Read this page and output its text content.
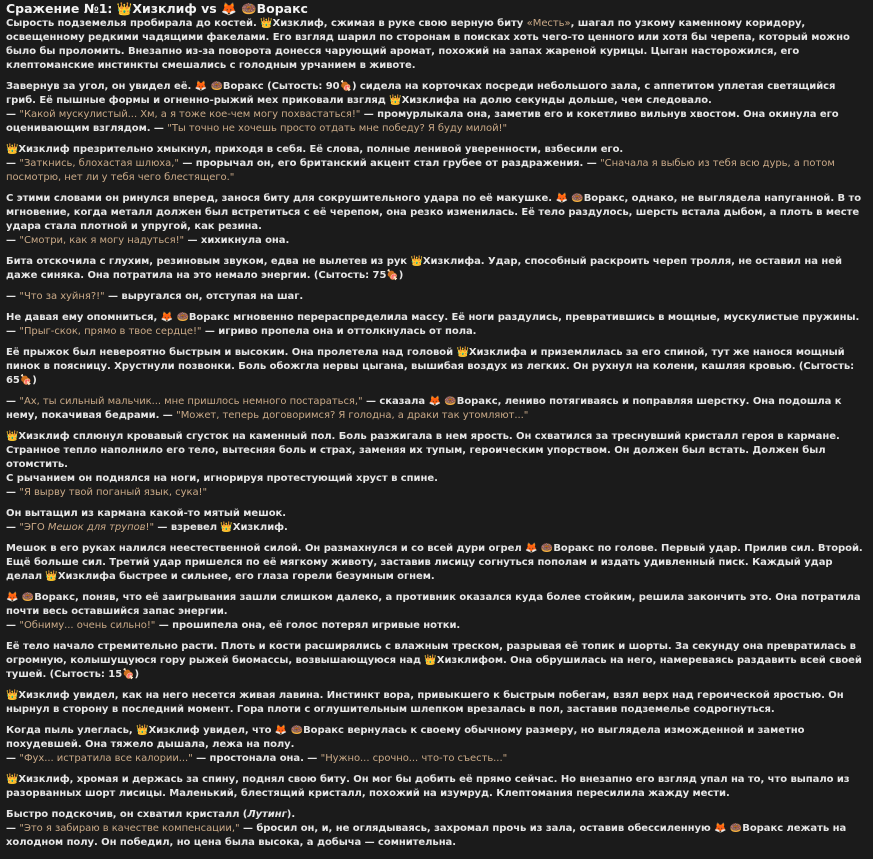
Сражение №1: 👑Хизклиф vs 🦊 🍩Воракс

Сырость подземелья пробирала до костей. 👑Хизклиф, сжимая в руке свою верную биту «Месть», шагал по узкому каменному коридору, освещенному редкими чадящими факелами. Его взгляд шарил по сторонам в поисках хоть чего-то ценного или хотя бы черепа, который можно было бы проломить. Внезапно из-за поворота донесся чарующий аромат, похожий на запах жареной курицы. Цыган насторожился, его клептоманские инстинкты смешались с голодным урчанием в животе.

Завернув за угол, он увидел её. 🦊 🍩Воракс (Сытость: 90🍖) сидела на корточках посреди небольшого зала, с аппетитом уплетая светящийся гриб. Её пышные формы и огненно-рыжий мех приковали взгляд 👑Хизклифа на долю секунды дольше, чем следовало.
— "Какой мускулистый... Хм, а я тоже кое-чем могу похвастаться!" — промурлыкала она, заметив его и кокетливо вильнув хвостом. Она окинула его оценивающим взглядом. — "Ты точно не хочешь просто отдать мне победу? Я буду милой!"

👑Хизклиф презрительно хмыкнул, приходя в себя. Её слова, полные ленивой уверенности, взбесили его.
— "Заткнись, блохастая шлюха," — прорычал он, его британский акцент стал грубее от раздражения. — "Сначала я выбью из тебя всю дурь, а потом посмотрю, нет ли у тебя чего блестящего."

С этими словами он ринулся вперед, занося биту для сокрушительного удара по её макушке. 🦊 🍩Воракс, однако, не выглядела напуганной. В то мгновение, когда металл должен был встретиться с её черепом, она резко изменилась. Её тело раздулось, шерсть встала дыбом, а плоть в месте удара стала плотной и упругой, как резина.
— "Смотри, как я могу надуться!" — хихикнула она.

Бита отскочила с глухим, резиновым звуком, едва не вылетев из рук 👑Хизклифа. Удар, способный раскроить череп тролля, не оставил на ней даже синяка. Она потратила на это немало энергии. (Сытость: 75🍖)

— "Что за хуйня?!" — выругался он, отступая на шаг.

Не давая ему опомниться, 🦊 🍩Воракс мгновенно перераспределила массу. Её ноги раздулись, превратившись в мощные, мускулистые пружины.
— "Прыг-скок, прямо в твое сердце!" — игриво пропела она и оттолкнулась от пола.

Её прыжок был невероятно быстрым и высоким. Она пролетела над головой 👑Хизклифа и приземлилась за его спиной, тут же нанося мощный пинок в поясницу. Хрустнули позвонки. Боль обожгла нервы цыгана, вышибая воздух из легких. Он рухнул на колени, кашляя кровью. (Сытость: 65🍖)

— "Ах, ты сильный мальчик... мне пришлось немного постараться," — сказала 🦊 🍩Воракс, лениво потягиваясь и поправляя шерстку. Она подошла к нему, покачивая бедрами. — "Может, теперь договоримся? Я голодна, а драки так утомляют..."

👑Хизклиф сплюнул кровавый сгусток на каменный пол. Боль разжигала в нем ярость. Он схватился за треснувший кристалл героя в кармане. Странное тепло наполнило его тело, вытесняя боль и страх, заменяя их тупым, героическим упорством. Он должен был встать. Должен был отомстить.
С рычанием он поднялся на ноги, игнорируя протестующий хруст в спине.
— "Я вырву твой поганый язык, сука!"

Он вытащил из кармана какой-то мятый мешок.
— "ЭГО Мешок для трупов!" — взревел 👑Хизклиф.

Мешок в его руках налился неестественной силой. Он размахнулся и со всей дури огрел 🦊 🍩Воракс по голове. Первый удар. Прилив сил. Второй. Ещё больше сил. Третий удар пришелся по её мягкому животу, заставив лисицу согнуться пополам и издать удивленный писк. Каждый удар делал 👑Хизклифа быстрее и сильнее, его глаза горели безумным огнем.

🦊 🍩Воракс, поняв, что её заигрывания зашли слишком далеко, а противник оказался куда более стойким, решила закончить это. Она потратила почти весь оставшийся запас энергии.
— "Обниму... очень сильно!" — прошипела она, её голос потерял игривые нотки.

Её тело начало стремительно расти. Плоть и кости расширялись с влажным треском, разрывая её топик и шорты. За секунду она превратилась в огромную, колышущуюся гору рыжей биомассы, возвышающуюся над 👑Хизклифом. Она обрушилась на него, намереваясь раздавить всей своей тушей. (Сытость: 15🍖)

👑Хизклиф увидел, как на него несется живая лавина. Инстинкт вора, привыкшего к быстрым побегам, взял верх над героической яростью. Он нырнул в сторону в последний момент. Гора плоти с оглушительным шлепком врезалась в пол, заставив подземелье содрогнуться.

Когда пыль улеглась, 👑Хизклиф увидел, что 🦊 🍩Воракс вернулась к своему обычному размеру, но выглядела изможденной и заметно похудевшей. Она тяжело дышала, лежа на полу.
— "Фух... истратила все калории..." — простонала она. — "Нужно... срочно... что-то съесть..."

👑Хизклиф, хромая и держась за спину, поднял свою биту. Он мог бы добить её прямо сейчас. Но внезапно его взгляд упал на то, что выпало из разорванных шорт лисицы. Маленький, блестящий кристалл, похожий на изумруд. Клептомания пересилила жажду мести.

Быстро подскочив, он схватил кристалл (Лутинг).
— "Это я забираю в качестве компенсации," — бросил он, и, не оглядываясь, захромал прочь из зала, оставив обессиленную 🦊 🍩Воракс лежать на холодном полу. Он победил, но цена была высока, а добыча — сомнительна.
